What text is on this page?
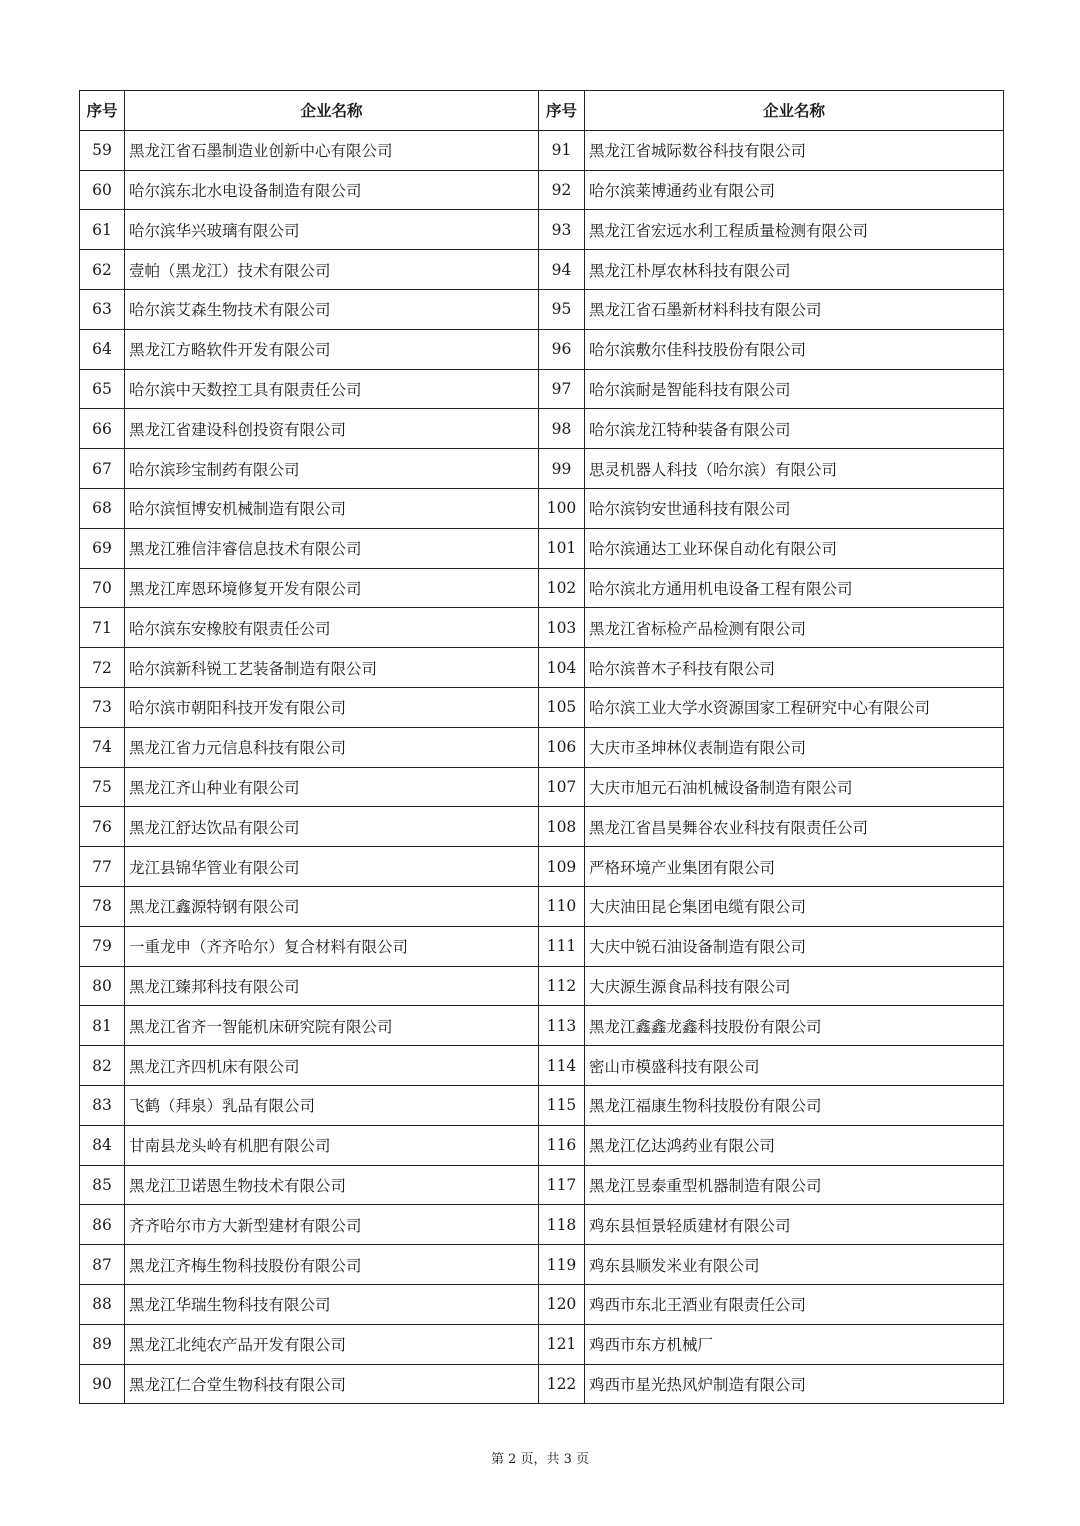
序号	企业名称	序号	企业名称
59	黑龙江省石墨制造业创新中心有限公司	91	黑龙江省城际数谷科技有限公司
60	哈尔滨东北水电设备制造有限公司	92	哈尔滨莱博通药业有限公司
61	哈尔滨华兴玻璃有限公司	93	黑龙江省宏远水利工程质量检测有限公司
62	壹帕（黑龙江）技术有限公司	94	黑龙江朴厚农林科技有限公司
63	哈尔滨艾森生物技术有限公司	95	黑龙江省石墨新材料科技有限公司
64	黑龙江方略软件开发有限公司	96	哈尔滨敷尔佳科技股份有限公司
65	哈尔滨中天数控工具有限责任公司	97	哈尔滨耐是智能科技有限公司
66	黑龙江省建设科创投资有限公司	98	哈尔滨龙江特种装备有限公司
67	哈尔滨珍宝制药有限公司	99	思灵机器人科技（哈尔滨）有限公司
68	哈尔滨恒博安机械制造有限公司	100	哈尔滨钧安世通科技有限公司
69	黑龙江雅信沣睿信息技术有限公司	101	哈尔滨通达工业环保自动化有限公司
70	黑龙江库恩环境修复开发有限公司	102	哈尔滨北方通用机电设备工程有限公司
71	哈尔滨东安橡胶有限责任公司	103	黑龙江省标检产品检测有限公司
72	哈尔滨新科锐工艺装备制造有限公司	104	哈尔滨普木子科技有限公司
73	哈尔滨市朝阳科技开发有限公司	105	哈尔滨工业大学水资源国家工程研究中心有限公司
74	黑龙江省力元信息科技有限公司	106	大庆市圣坤林仪表制造有限公司
75	黑龙江齐山种业有限公司	107	大庆市旭元石油机械设备制造有限公司
76	黑龙江舒达饮品有限公司	108	黑龙江省昌昊舞谷农业科技有限责任公司
77	龙江县锦华管业有限公司	109	严格环境产业集团有限公司
78	黑龙江鑫源特钢有限公司	110	大庆油田昆仑集团电缆有限公司
79	一重龙申（齐齐哈尔）复合材料有限公司	111	大庆中锐石油设备制造有限公司
80	黑龙江臻邦科技有限公司	112	大庆源生源食品科技有限公司
81	黑龙江省齐一智能机床研究院有限公司	113	黑龙江鑫鑫龙鑫科技股份有限公司
82	黑龙江齐四机床有限公司	114	密山市模盛科技有限公司
83	飞鹤（拜泉）乳品有限公司	115	黑龙江福康生物科技股份有限公司
84	甘南县龙头岭有机肥有限公司	116	黑龙江亿达鸿药业有限公司
85	黑龙江卫诺恩生物技术有限公司	117	黑龙江昱泰重型机器制造有限公司
86	齐齐哈尔市方大新型建材有限公司	118	鸡东县恒景轻质建材有限公司
87	黑龙江齐梅生物科技股份有限公司	119	鸡东县顺发米业有限公司
88	黑龙江华瑞生物科技有限公司	120	鸡西市东北王酒业有限责任公司
89	黑龙江北纯农产品开发有限公司	121	鸡西市东方机械厂
90	黑龙江仁合堂生物科技有限公司	122	鸡西市星光热风炉制造有限公司
第 2 页，共 3 页
